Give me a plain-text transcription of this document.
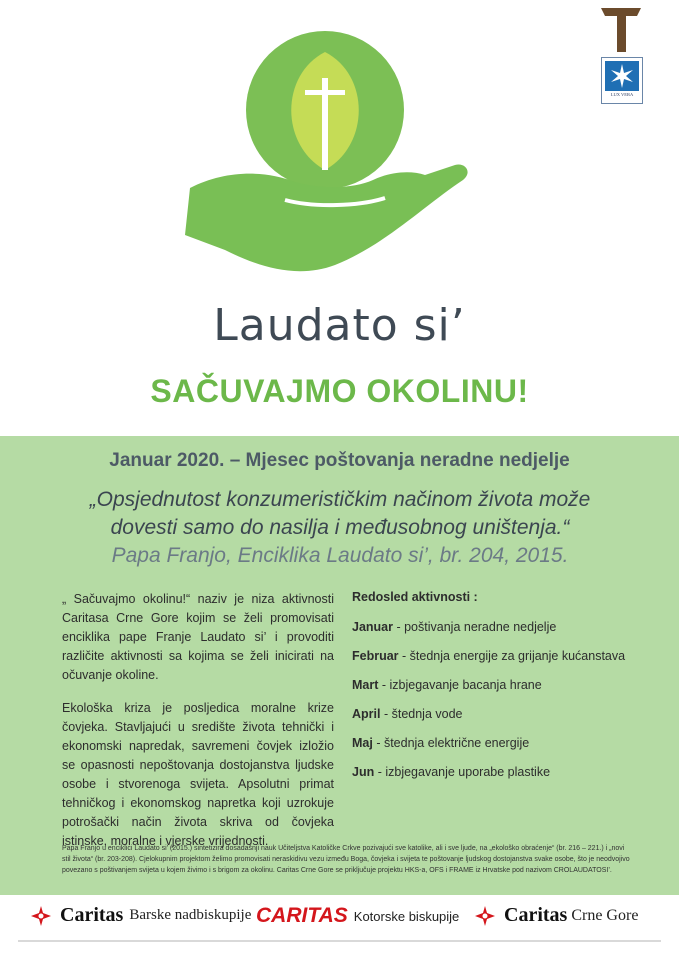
LUX VERA
Laudato si’
SAČUVAJMO OKOLINU!
Januar 2020. – Mjesec poštovanja neradne nedjelje
„Opsjednutost konzumerističkim načinom života može
dovesti samo do nasilja i međusobnog uništenja.“
Papa Franjo, Enciklika Laudato si’, br. 204, 2015.

„ Sačuvajmo okolinu!“ naziv je niza aktivnosti Caritasa Crne Gore kojim se želi promovisati enciklika pape Franje Laudato si’ i provoditi različite aktivnosti sa kojima se želi inicirati na očuvanje okoline.

Ekološka kriza je posljedica moralne krize čovjeka. Stavljajući u središte života tehnički i ekonomski napredak, savremeni čovjek izložio se opasnosti nepoštovanja dostojanstva ljudske osobe i stvorenoga svijeta. Apsolutni primat tehničkog i ekonomskog napretka koji uzrokuje potrošački način života skriva od čovjeka istinske, moralne i vjerske vrijednosti.

Redosled aktivnosti :
Januar - poštivanja neradne nedjelje
Februar - štednja energije za grijanje kućanstava
Mart - izbjegavanje bacanja hrane
April - štednja vode
Maj - štednja električne energije
Jun - izbjegavanje uporabe plastike
Papa Franjo u enciklici Laudato si’ (2015.) sintetizira dosadašnji nauk Učiteljstva Katoličke Crkve pozivajući sve katolike, ali i sve ljude, na „ekološko obraćenje“ (br. 216 – 221.) i „novi stil života“ (br. 203-208). Cjelokupnim projektom želimo promovisati neraskidivu vezu između Boga, čovjeka i svijeta te poštovanje ljudskog dostojanstva svake osobe, što je neodvojivo povezano s poštivanjem svijeta u kojem živimo i s brigom za okolinu. Caritas Crne Gore se priključuje projektu HKS-a, OFS i FRAME iz Hrvatske pod nazivom CROLAUDATOSI’.
Caritas Barske nadbiskupije CARITAS Kotorske biskupije	Caritas Crne Gore
